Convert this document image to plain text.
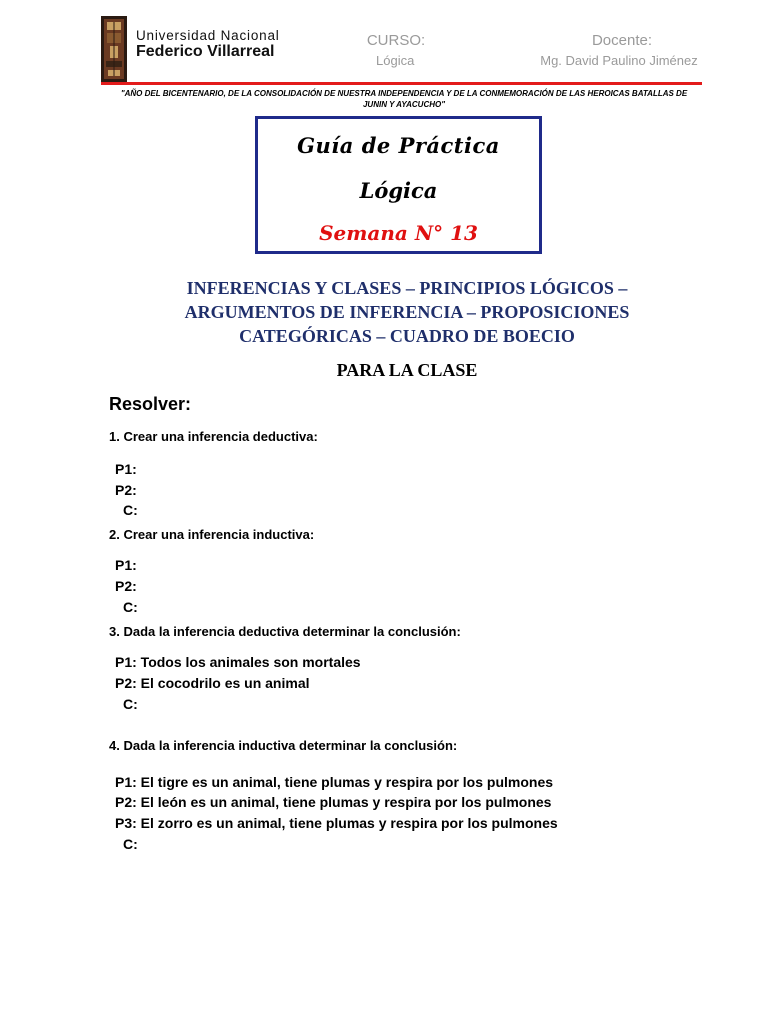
Universidad Nacional
Federico Villarreal
CURSO:
Lógica
Docente:
Mg. David Paulino Jiménez
"AÑO DEL BICENTENARIO, DE LA CONSOLIDACIÓN DE NUESTRA INDEPENDENCIA Y DE LA CONMEMORACIÓN DE LAS HEROICAS BATALLAS DE JUNIN Y AYACUCHO"
Guía de Práctica
Lógica
Semana N° 13
INFERENCIAS Y CLASES – PRINCIPIOS LÓGICOS –
ARGUMENTOS DE INFERENCIA – PROPOSICIONES
CATEGÓRICAS – CUADRO DE BOECIO
PARA LA CLASE
Resolver:
1. Crear una inferencia deductiva:
P1:
P2:
C:
2. Crear una inferencia inductiva:
P1:
P2:
C:
3. Dada la inferencia deductiva determinar la conclusión:
P1: Todos los animales son mortales
P2: El cocodrilo es un animal
C:
4. Dada la inferencia inductiva determinar la conclusión:
P1: El tigre es un animal, tiene plumas y respira por los pulmones
P2: El león es un animal, tiene plumas y respira por los pulmones
P3: El zorro es un animal, tiene plumas y respira por los pulmones
C:
